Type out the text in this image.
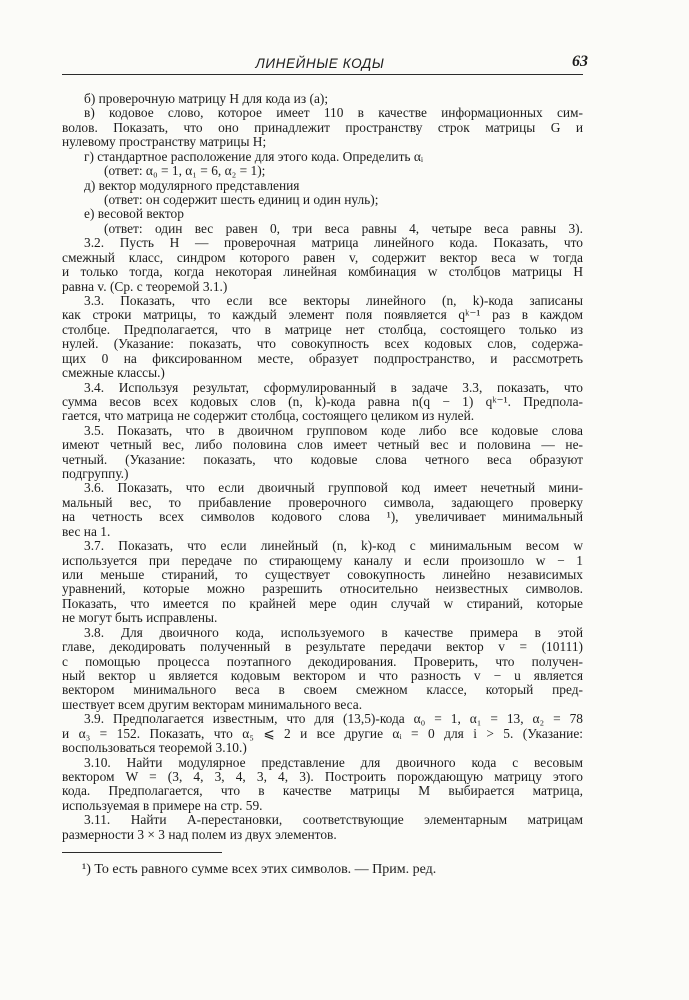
ЛИНЕЙНЫЕ КОДЫ	63
б) проверочную матрицу H для кода из (а);
в) кодовое слово, которое имеет 110 в качестве информационных сим-
волов. Показать, что оно принадлежит пространству строк матрицы G и
нулевому пространству матрицы H;
г) стандартное расположение для этого кода. Определить αᵢ
(ответ: α₀ = 1, α₁ = 6, α₂ = 1);
д) вектор модулярного представления
(ответ: он содержит шесть единиц и один нуль);
е) весовой вектор
(ответ: один вес равен 0, три веса равны 4, четыре веса равны 3).
3.2. Пусть H — проверочная матрица линейного кода. Показать, что
смежный класс, синдром которого равен v, содержит вектор веса w тогда
и только тогда, когда некоторая линейная комбинация w столбцов матрицы H
равна v. (Ср. с теоремой 3.1.)
3.3. Показать, что если все векторы линейного (n, k)-кода записаны
как строки матрицы, то каждый элемент поля появляется qᵏ⁻¹ раз в каждом
столбце. Предполагается, что в матрице нет столбца, состоящего только из
нулей. (Указание: показать, что совокупность всех кодовых слов, содержа-
щих 0 на фиксированном месте, образует подпространство, и рассмотреть
смежные классы.)
3.4. Используя результат, сформулированный в задаче 3.3, показать, что
сумма весов всех кодовых слов (n, k)-кода равна n(q − 1) qᵏ⁻¹. Предпола-
гается, что матрица не содержит столбца, состоящего целиком из нулей.
3.5. Показать, что в двоичном групповом коде либо все кодовые слова
имеют четный вес, либо половина слов имеет четный вес и половина — не-
четный. (Указание: показать, что кодовые слова четного веса образуют
подгруппу.)
3.6. Показать, что если двоичный групповой код имеет нечетный мини-
мальный вес, то прибавление проверочного символа, задающего проверку
на четность всех символов кодового слова ¹), увеличивает минимальный
вес на 1.
3.7. Показать, что если линейный (n, k)-код с минимальным весом w
используется при передаче по стирающему каналу и если произошло w − 1
или меньше стираний, то существует совокупность линейно независимых
уравнений, которые можно разрешить относительно неизвестных символов.
Показать, что имеется по крайней мере один случай w стираний, которые
не могут быть исправлены.
3.8. Для двоичного кода, используемого в качестве примера в этой
главе, декодировать полученный в результате передачи вектор v = (10111)
с помощью процесса поэтапного декодирования. Проверить, что получен-
ный вектор u является кодовым вектором и что разность v − u является
вектором минимального веса в своем смежном классе, который пред-
шествует всем другим векторам минимального веса.
3.9. Предполагается известным, что для (13,5)-кода α₀ = 1, α₁ = 13, α₂ = 78
и α₃ = 152. Показать, что α₅ ⩽ 2 и все другие αᵢ = 0 для i > 5. (Указание:
воспользоваться теоремой 3.10.)
3.10. Найти модулярное представление для двоичного кода с весовым
вектором W = (3, 4, 3, 4, 3, 4, 3). Построить порождающую матрицу этого
кода. Предполагается, что в качестве матрицы M выбирается матрица,
используемая в примере на стр. 59.
3.11. Найти A-перестановки, соответствующие элементарным матрицам
размерности 3 × 3 над полем из двух элементов.
¹) То есть равного сумме всех этих символов. — Прим. ред.
